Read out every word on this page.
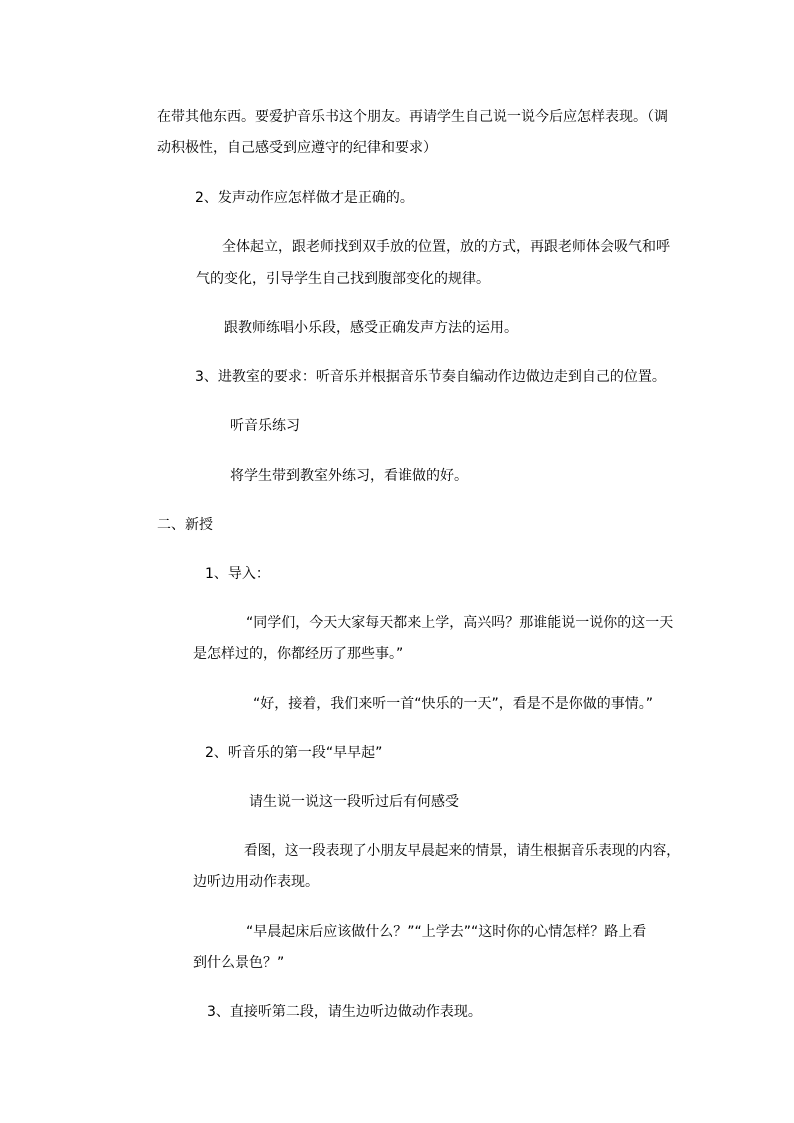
在带其他东西。要爱护音乐书这个朋友。再请学生自己说一说今后应怎样表现。（调
动积极性，自己感受到应遵守的纪律和要求）
2、发声动作应怎样做才是正确的。
全体起立，跟老师找到双手放的位置，放的方式，再跟老师体会吸气和呼
气的变化，引导学生自己找到腹部变化的规律。
跟教师练唱小乐段，感受正确发声方法的运用。
3、进教室的要求：听音乐并根据音乐节奏自编动作边做边走到自己的位置。
听音乐练习
将学生带到教室外练习，看谁做的好。
二、新授
1、导入：
“同学们，今天大家每天都来上学，高兴吗？那谁能说一说你的这一天
是怎样过的，你都经历了那些事。”
“好，接着，我们来听一首“快乐的一天”，看是不是你做的事情。”
2、听音乐的第一段“早早起”
请生说一说这一段听过后有何感受
看图，这一段表现了小朋友早晨起来的情景，请生根据音乐表现的内容，
边听边用动作表现。
“早晨起床后应该做什么？”“上学去”“这时你的心情怎样？路上看
到什么景色？”
3、直接听第二段，请生边听边做动作表现。
